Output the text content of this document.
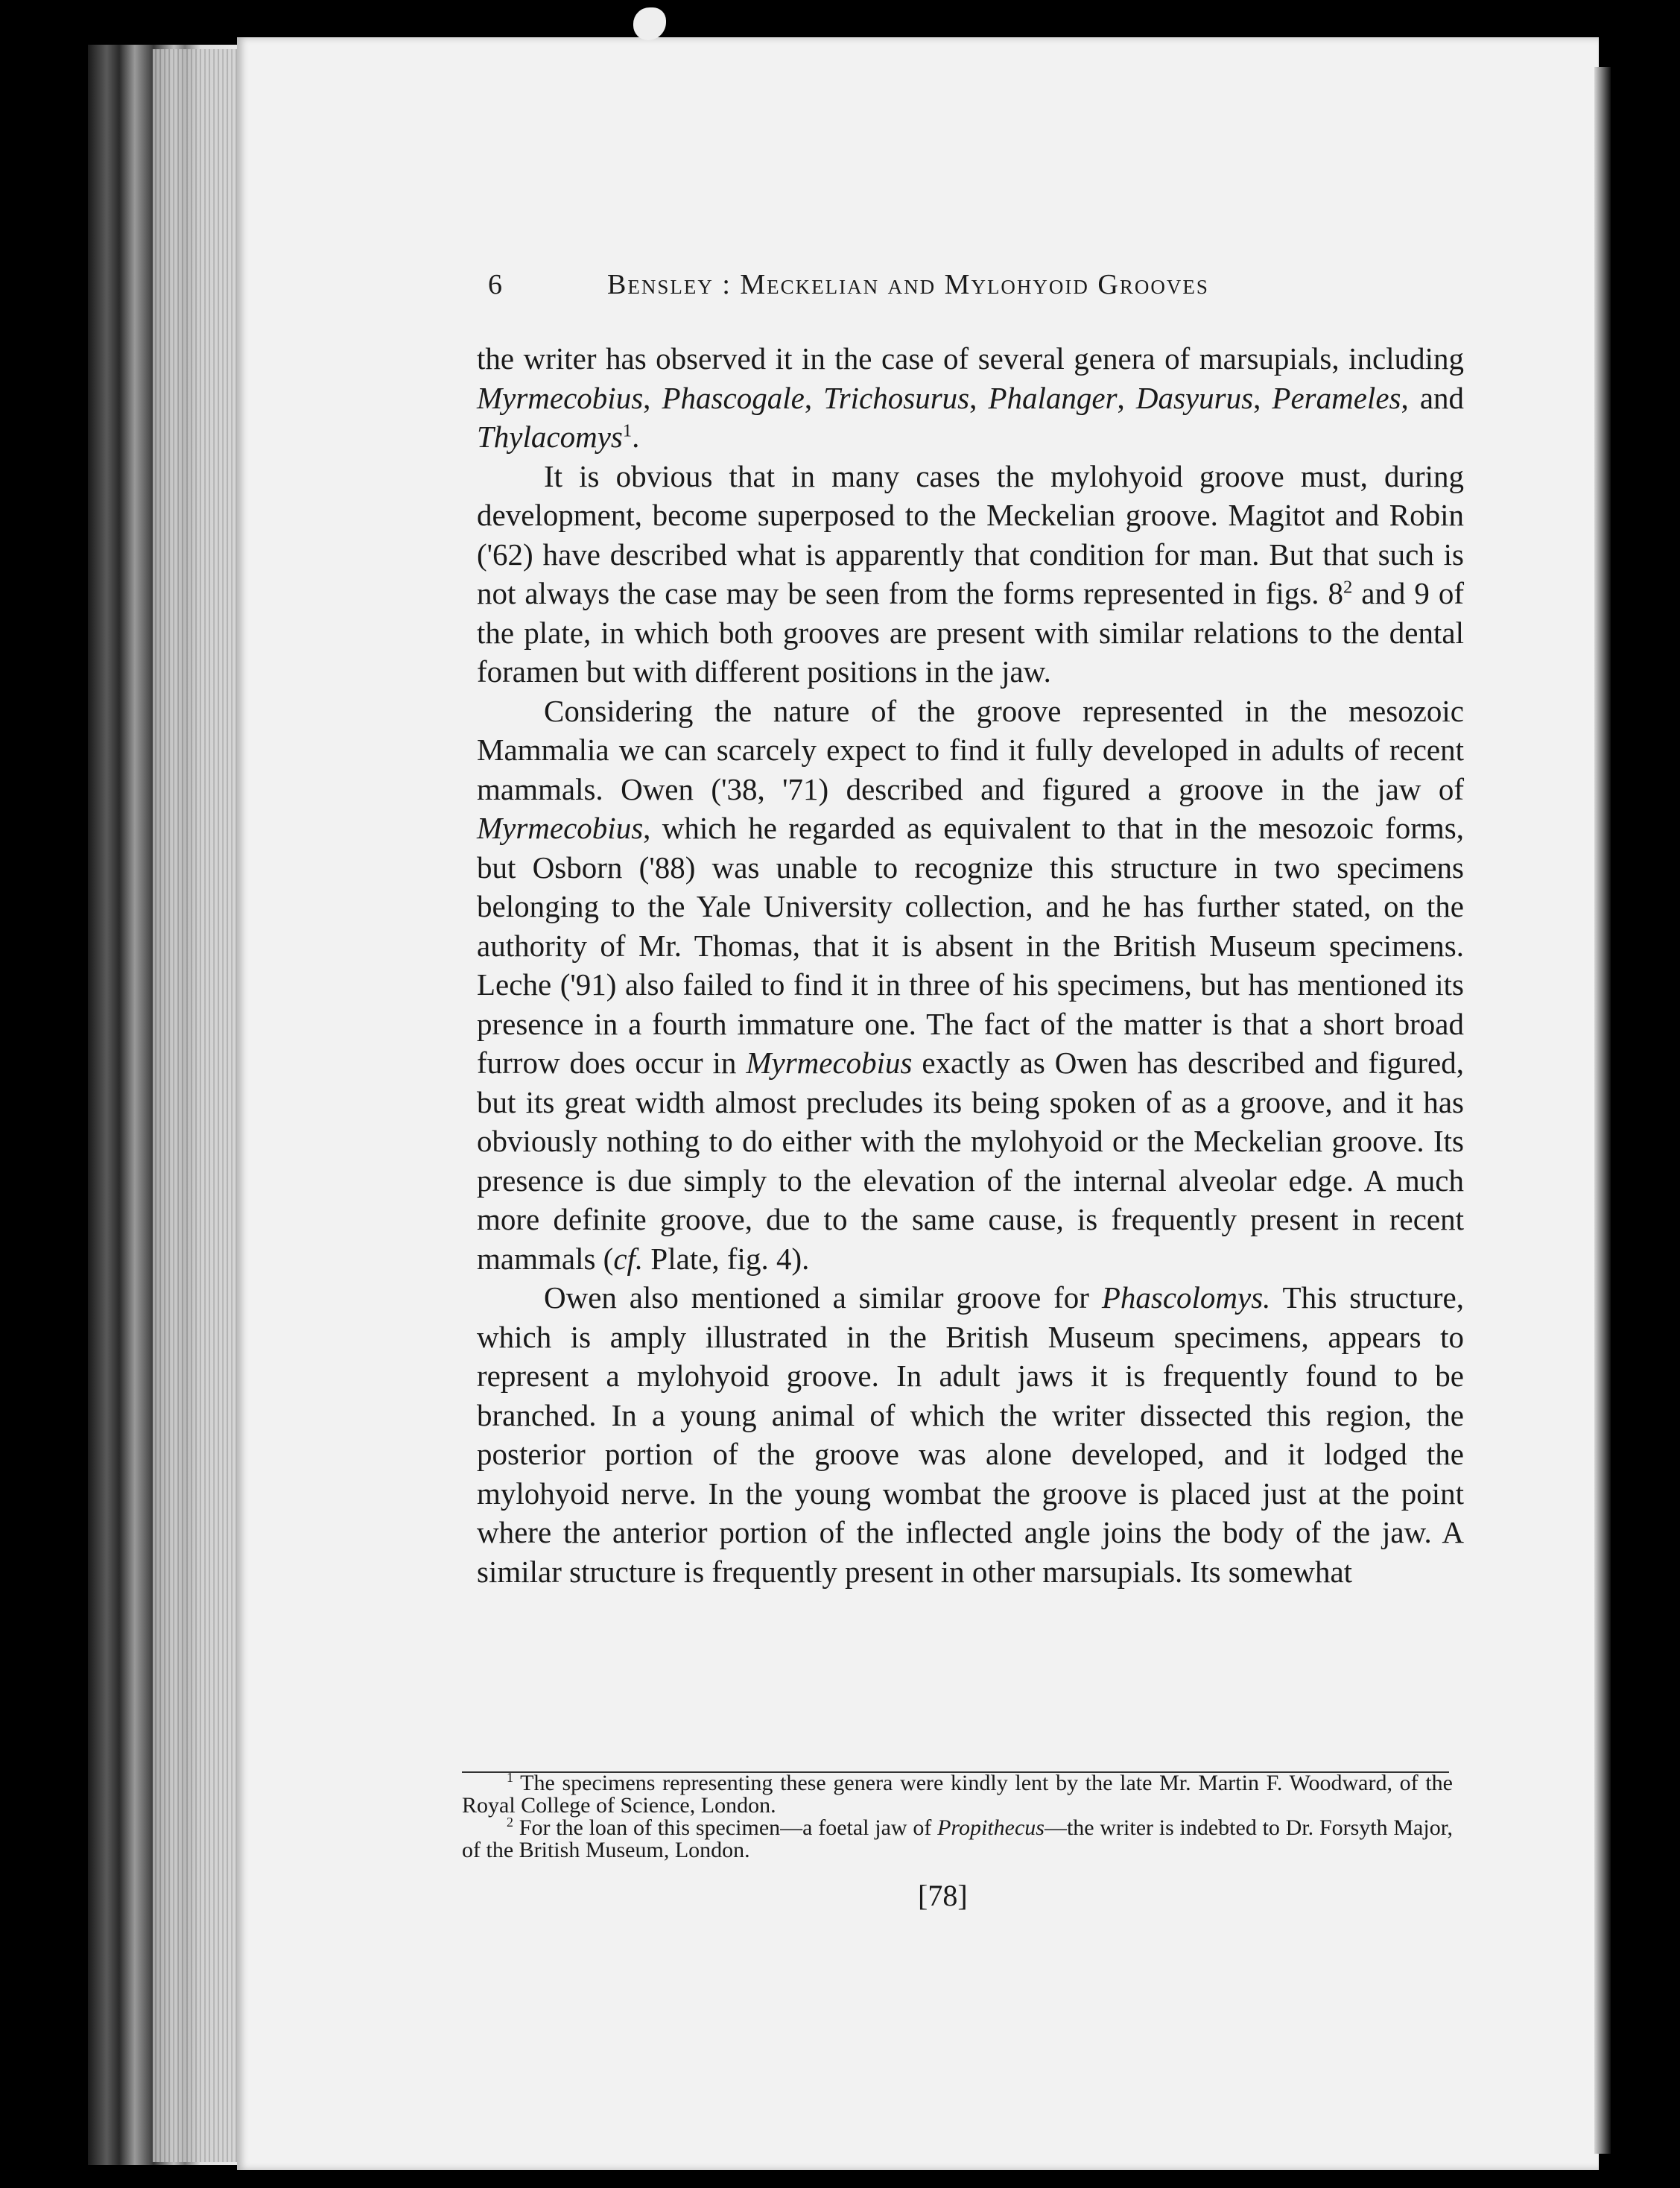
6	Bensley : Meckelian and Mylohyoid Grooves

the writer has observed it in the case of several genera of marsupials, including Myrmecobius, Phascogale, Trichosurus, Phalanger, Dasyurus, Perameles, and Thylacomys$^1$.

It is obvious that in many cases the mylohyoid groove must, during development, become superposed to the Meckelian groove. Magitot and Robin ('62) have described what is apparently that condition for man. But that such is not always the case may be seen from the forms represented in figs. $8^2$ and 9 of the plate, in which both grooves are present with similar relations to the dental foramen but with different positions in the jaw.

Considering the nature of the groove represented in the mesozoic Mammalia we can scarcely expect to find it fully developed in adults of recent mammals. Owen ('38, '71) described and figured a groove in the jaw of Myrmecobius, which he regarded as equivalent to that in the mesozoic forms, but Osborn ('88) was unable to recognize this structure in two specimens belonging to the Yale University collection, and he has further stated, on the authority of Mr. Thomas, that it is absent in the British Museum specimens. Leche ('91) also failed to find it in three of his specimens, but has mentioned its presence in a fourth immature one. The fact of the matter is that a short broad furrow does occur in Myrmecobius exactly as Owen has described and figured, but its great width almost precludes its being spoken of as a groove, and it has obviously nothing to do either with the mylohyoid or the Meckelian groove. Its presence is due simply to the elevation of the internal alveolar edge. A much more definite groove, due to the same cause, is frequently present in recent mammals (cf. Plate, fig. 4).

Owen also mentioned a similar groove for Phascolomys. This structure, which is amply illustrated in the British Museum specimens, appears to represent a mylohyoid groove. In adult jaws it is frequently found to be branched. In a young animal of which the writer dissected this region, the posterior portion of the groove was alone developed, and it lodged the mylohyoid nerve. In the young wombat the groove is placed just at the point where the anterior portion of the inflected angle joins the body of the jaw. A similar structure is frequently present in other marsupials. Its somewhat

$^1$ The specimens representing these genera were kindly lent by the late Mr. Martin F. Woodward, of the Royal College of Science, London.

$^2$ For the loan of this specimen—a foetal jaw of Propithecus—the writer is indebted to Dr. Forsyth Major, of the British Museum, London.

[78]
